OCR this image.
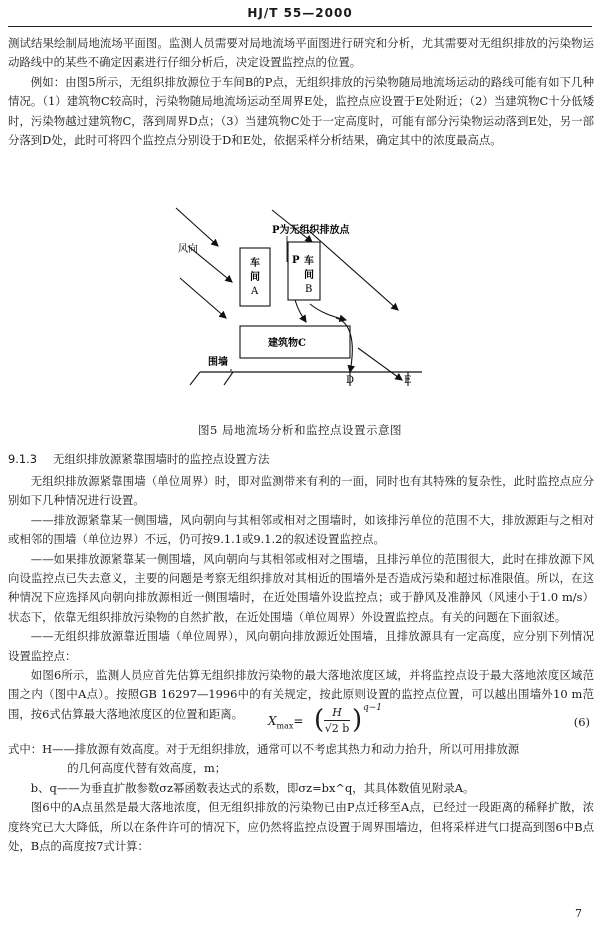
HJ/T 55—2000

测试结果绘制局地流场平面图。监测人员需要对局地流场平面图进行研究和分析，尤其需要对无组织排放的污染物运动路线中的某些不确定因素进行仔细分析后，决定设置监控点的位置。

例如：由图5所示，无组织排放源位于车间B的P点，无组织排放的污染物随局地流场运动的路线可能有如下几种情况。（1）建筑物C较高时，污染物随局地流场运动至周界E处，监控点应设置于E处附近；（2）当建筑物C十分低矮时，污染物越过建筑物C，落到周界D点；（3）当建筑物C处于一定高度时，可能有部分污染物运动落到E处，另一部分落到D处，此时可将四个监控点分别设于D和E处，依据采样分析结果，确定其中的浓度最高点。

风向
P为无组织排放点
车
间
A
车
间
B
P
建筑物C
围墙
D	E
图5 局地流场分析和监控点设置示意图
9.1.3 无组织排放源紧靠围墙时的监控点设置方法

无组织排放源紧靠围墙（单位周界）时，即对监测带来有利的一面，同时也有其特殊的复杂性，此时监控点应分别如下几种情况进行设置。

——排放源紧靠某一侧围墙，风向朝向与其相邻或相对之围墙时，如该排污单位的范围不大，排放源距与之相对或相邻的围墙（单位边界）不远，仍可按9.1.1或9.1.2的叙述设置监控点。

——如果排放源紧靠某一侧围墙，风向朝向与其相邻或相对之围墙，且排污单位的范围很大，此时在排放源下风向设监控点已失去意义，主要的问题是考察无组织排放对其相近的围墙外是否造成污染和超过标准限值。所以，在这种情况下应选择风向朝向排放源相近一侧围墙时，在近处围墙外设监控点；或于静风及准静风（风速小于1.0 m/s）状态下，依靠无组织排放污染物的自然扩散，在近处围墙（单位周界）外设置监控点。有关的问题在下面叙述。

——无组织排放源靠近围墙（单位周界），风向朝向排放源近处围墙，且排放源具有一定高度，应分别下列情况设置监控点：

如图6所示，监测人员应首先估算无组织排放污染物的最大落地浓度区域，并将监控点设于最大落地浓度区域范围之内（图中A点）。按照GB 16297—1996中的有关规定，按此原则设置的监控点位置，可以越出围墙外10 m范围，按6式估算最大落地浓度区的位置和距离。

$X_{max}=$ ( $\frac{H}{√2 b}$ ) q−1
(6)

式中：H——排放源有效高度。对于无组织排放，通常可以不考虑其热力和动力抬升，所以可用排放源

的几何高度代替有效高度，m；

b、q——为垂直扩散参数σz幂函数表达式的系数，即σz=bx^q，其具体数值见附录A。

图6中的A点虽然是最大落地浓度，但无组织排放的污染物已由P点迁移至A点，已经过一段距离的稀释扩散，浓度终究已大大降低，所以在条件许可的情况下，应仍然将监控点设置于周界围墙边，但将采样进气口提高到图6中B点处，B点的高度按7式计算：

7
